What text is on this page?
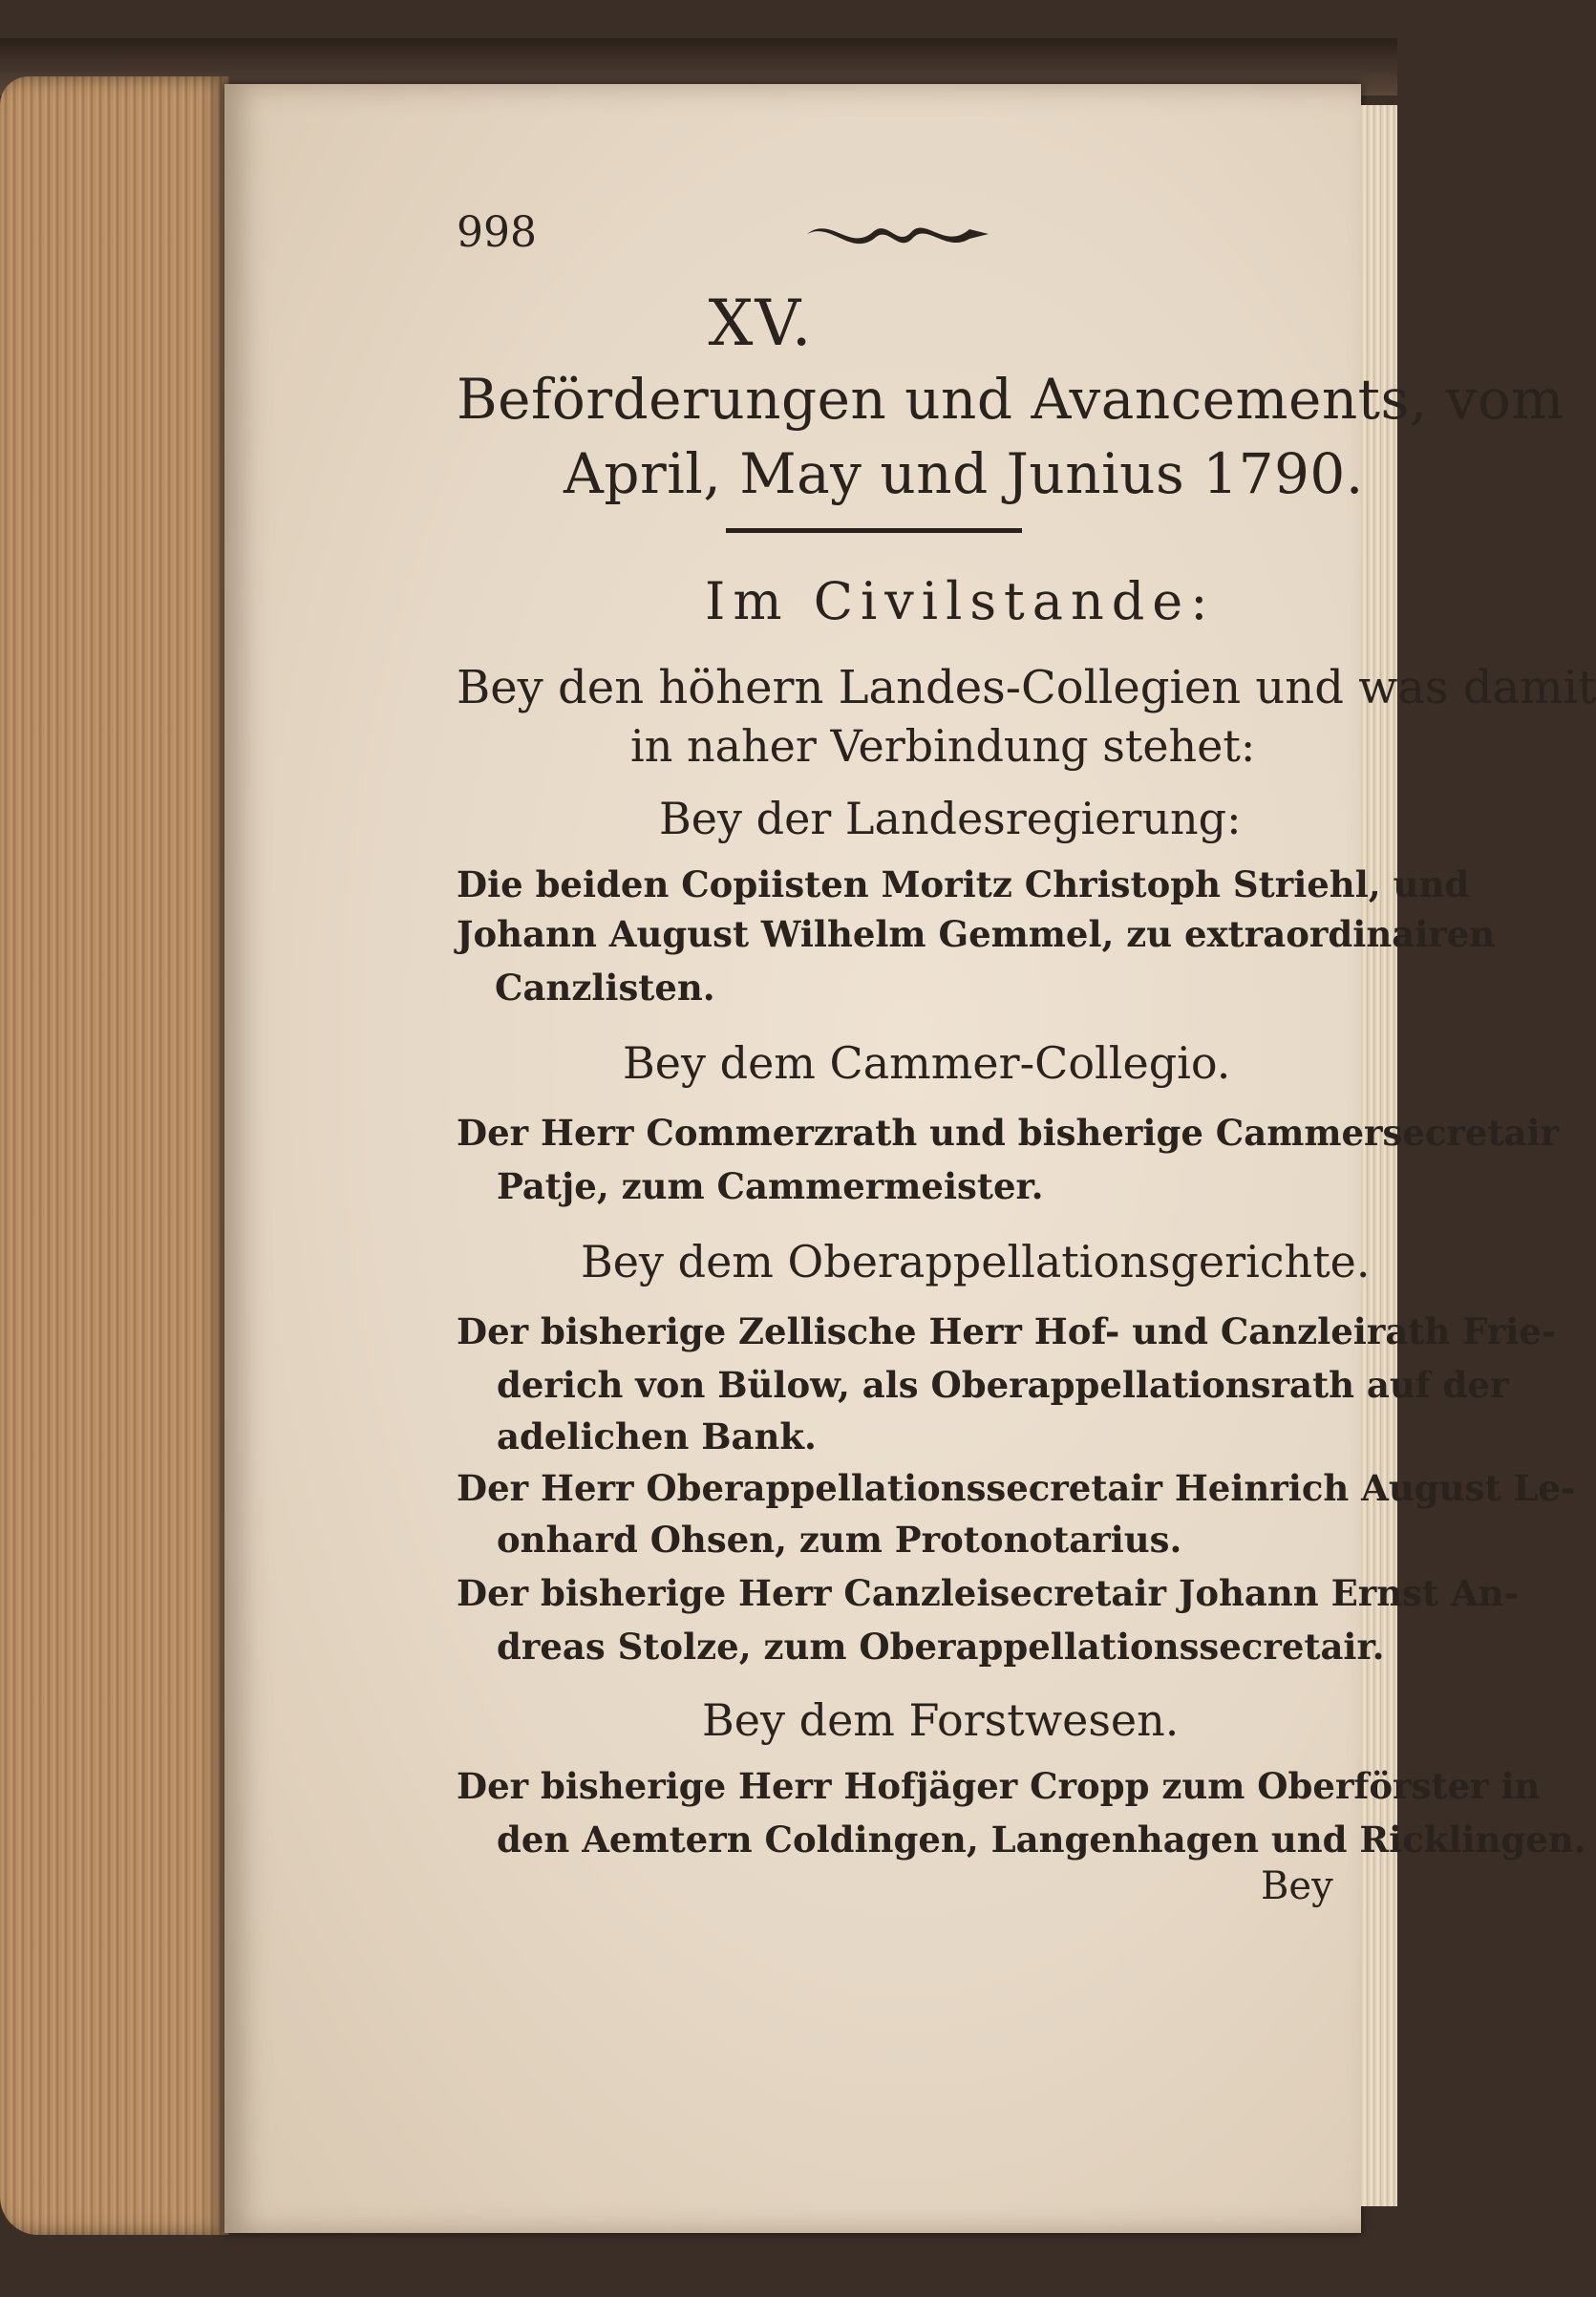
998
XV.
Beförderungen und Avancements, vom
April, May und Junius 1790.
Im Civilstande:
Bey den höhern Landes-Collegien und was damit
in naher Verbindung stehet:
Bey der Landesregierung:
Die beiden Copiisten Moritz Christoph Striehl, und
Johann August Wilhelm Gemmel, zu extraordinairen
Canzlisten.
Bey dem Cammer-Collegio.
Der Herr Commerzrath und bisherige Cammersecretair
Patje, zum Cammermeister.
Bey dem Oberappellationsgerichte.
Der bisherige Zellische Herr Hof- und Canzleirath Frie-
derich von Bülow, als Oberappellationsrath auf der
adelichen Bank.
Der Herr Oberappellationssecretair Heinrich August Le-
onhard Ohsen, zum Protonotarius.
Der bisherige Herr Canzleisecretair Johann Ernst An-
dreas Stolze, zum Oberappellationssecretair.
Bey dem Forstwesen.
Der bisherige Herr Hofjäger Cropp zum Oberförster in
den Aemtern Coldingen, Langenhagen und Ricklingen.
Bey
